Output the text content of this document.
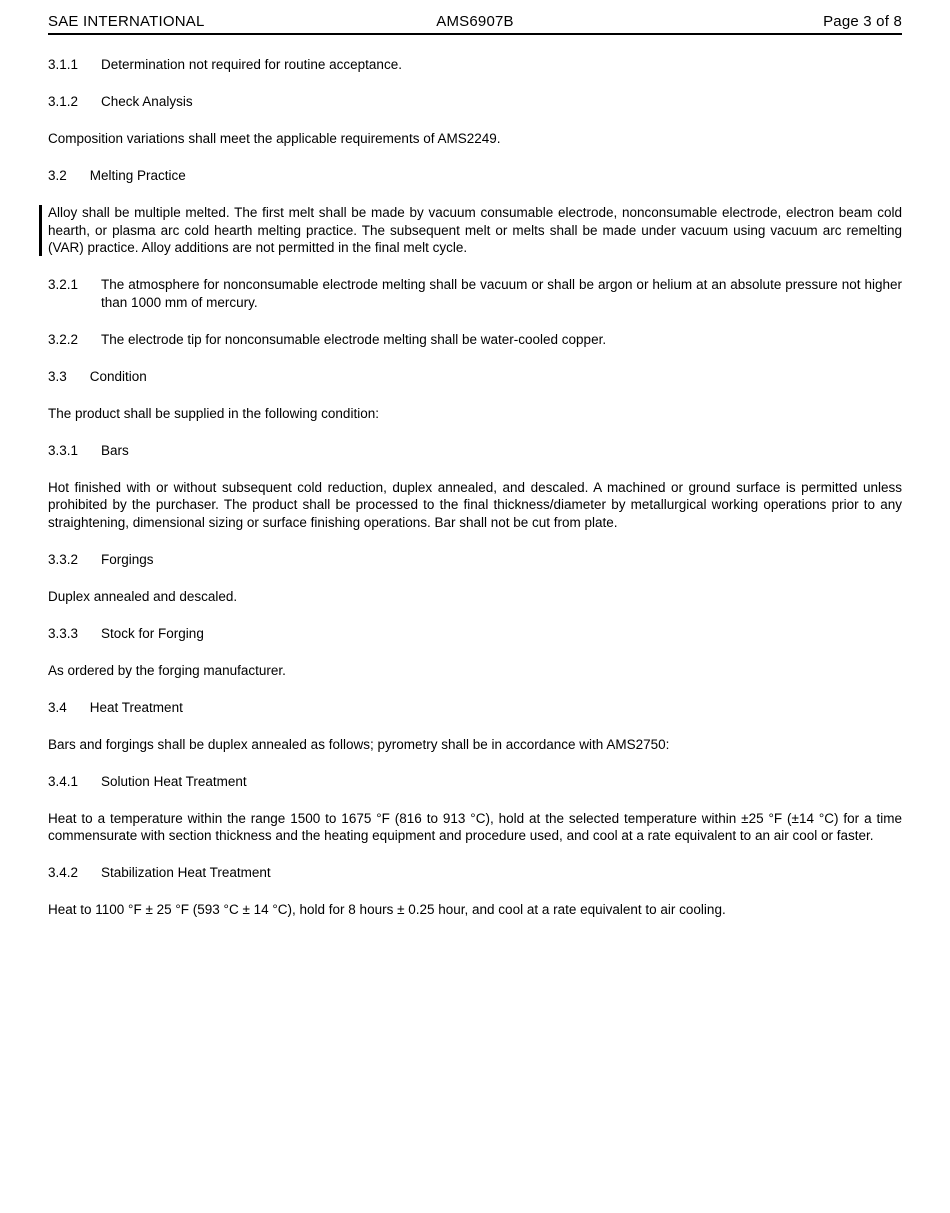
SAE INTERNATIONAL	AMS6907B	Page 3 of 8
3.1.1 Determination not required for routine acceptance.
3.1.2 Check Analysis
Composition variations shall meet the applicable requirements of AMS2249.
3.2 Melting Practice
Alloy shall be multiple melted. The first melt shall be made by vacuum consumable electrode, nonconsumable electrode, electron beam cold hearth, or plasma arc cold hearth melting practice. The subsequent melt or melts shall be made under vacuum using vacuum arc remelting (VAR) practice. Alloy additions are not permitted in the final melt cycle.
3.2.1 The atmosphere for nonconsumable electrode melting shall be vacuum or shall be argon or helium at an absolute pressure not higher than 1000 mm of mercury.
3.2.2 The electrode tip for nonconsumable electrode melting shall be water-cooled copper.
3.3 Condition
The product shall be supplied in the following condition:
3.3.1 Bars
Hot finished with or without subsequent cold reduction, duplex annealed, and descaled. A machined or ground surface is permitted unless prohibited by the purchaser. The product shall be processed to the final thickness/diameter by metallurgical working operations prior to any straightening, dimensional sizing or surface finishing operations. Bar shall not be cut from plate.
3.3.2 Forgings
Duplex annealed and descaled.
3.3.3 Stock for Forging
As ordered by the forging manufacturer.
3.4 Heat Treatment
Bars and forgings shall be duplex annealed as follows; pyrometry shall be in accordance with AMS2750:
3.4.1 Solution Heat Treatment
Heat to a temperature within the range 1500 to 1675 °F (816 to 913 °C), hold at the selected temperature within ±25 °F (±14 °C) for a time commensurate with section thickness and the heating equipment and procedure used, and cool at a rate equivalent to an air cool or faster.
3.4.2 Stabilization Heat Treatment
Heat to 1100 °F ± 25 °F (593 °C ± 14 °C), hold for 8 hours ± 0.25 hour, and cool at a rate equivalent to air cooling.
